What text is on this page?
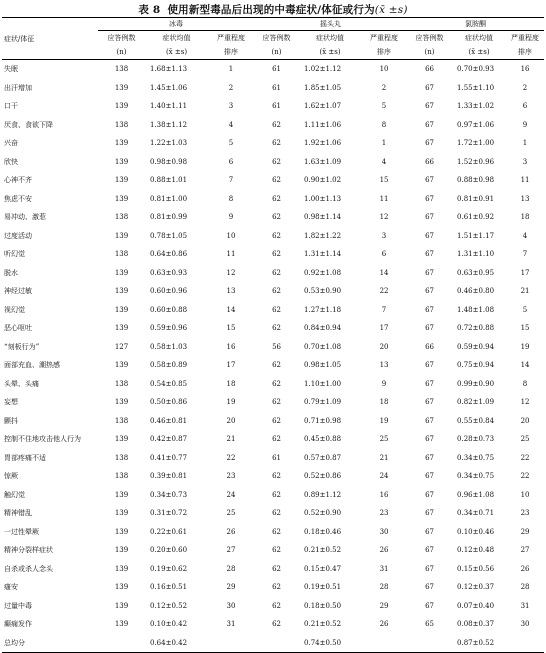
表 8 使用新型毒品后出现的中毒症状/体征或行为(x̄ ±s)
症状/体征	冰毒			摇头丸			氯胺酮		
	应答例数	症状均值	严重程度	应答例数	症状均值	严重程度	应答例数	症状均值	严重程度
	(n)	(x̄ ±s)	排序	(n)	(x̄ ±s)	排序	(n)	(x̄ ±s)	排序
失眠	138	1.68±1.13	1	61	1.02±1.12	10	66	0.70±0.93	16
出汗增加	139	1.45±1.06	2	61	1.85±1.05	2	67	1.55±1.10	2
口干	139	1.40±1.11	3	61	1.62±1.07	5	67	1.33±1.02	6
厌食、食欲下降	138	1.38±1.12	4	62	1.11±1.06	8	67	0.97±1.06	9
兴奋	139	1.22±1.03	5	62	1.92±1.06	1	67	1.72±1.00	1
欣快	139	0.98±0.98	6	62	1.63±1.09	4	66	1.52±0.96	3
心神不齐	139	0.88±1.01	7	62	0.90±1.02	15	67	0.88±0.98	11
焦虑不安	139	0.81±1.00	8	62	1.00±1.13	11	67	0.81±0.91	13
易冲动、激惹	138	0.81±0.99	9	62	0.98±1.14	12	67	0.61±0.92	18
过度活动	139	0.78±1.05	10	62	1.82±1.22	3	67	1.51±1.17	4
听幻觉	138	0.64±0.86	11	62	1.31±1.14	6	67	1.31±1.10	7
脱水	139	0.63±0.93	12	62	0.92±1.08	14	67	0.63±0.95	17
神经过敏	139	0.60±0.96	13	62	0.53±0.90	22	67	0.46±0.80	21
视幻觉	139	0.60±0.88	14	62	1.27±1.18	7	67	1.48±1.08	5
恶心呕吐	139	0.59±0.96	15	62	0.84±0.94	17	67	0.72±0.88	15
“刻板行为”	127	0.58±1.03	16	56	0.70±1.08	20	66	0.59±0.94	19
面部充血、潮热感	139	0.58±0.89	17	62	0.98±1.05	13	67	0.75±0.94	14
头晕、头痛	138	0.54±0.85	18	62	1.10±1.00	9	67	0.99±0.90	8
妄想	139	0.50±0.86	19	62	0.79±1.09	18	67	0.82±1.09	12
颤抖	138	0.46±0.81	20	62	0.71±0.98	19	67	0.55±0.84	20
控制不住地攻击他人行为	139	0.42±0.87	21	62	0.45±0.88	25	67	0.28±0.73	25
胃部疼痛不适	138	0.41±0.77	22	61	0.57±0.87	21	67	0.34±0.75	22
惊厥	138	0.39±0.81	23	62	0.52±0.86	24	67	0.34±0.75	22
触幻觉	139	0.34±0.73	24	62	0.89±1.12	16	67	0.96±1.08	10
精神错乱	139	0.31±0.72	25	62	0.52±0.90	23	67	0.34±0.71	23
一过性晕厥	139	0.22±0.61	26	62	0.18±0.46	30	67	0.10±0.46	29
精神分裂样症状	139	0.20±0.60	27	62	0.21±0.52	26	67	0.12±0.48	27
自杀或杀人念头	139	0.19±0.62	28	62	0.15±0.47	31	67	0.15±0.56	26
瘙安	139	0.16±0.51	29	62	0.19±0.51	28	67	0.12±0.37	28
过量中毒	139	0.12±0.52	30	62	0.18±0.50	29	67	0.07±0.40	31
癫痫发作	139	0.10±0.42	31	62	0.21±0.52	26	65	0.08±0.37	30
总均分		0.64±0.42			0.74±0.50			0.87±0.52	
